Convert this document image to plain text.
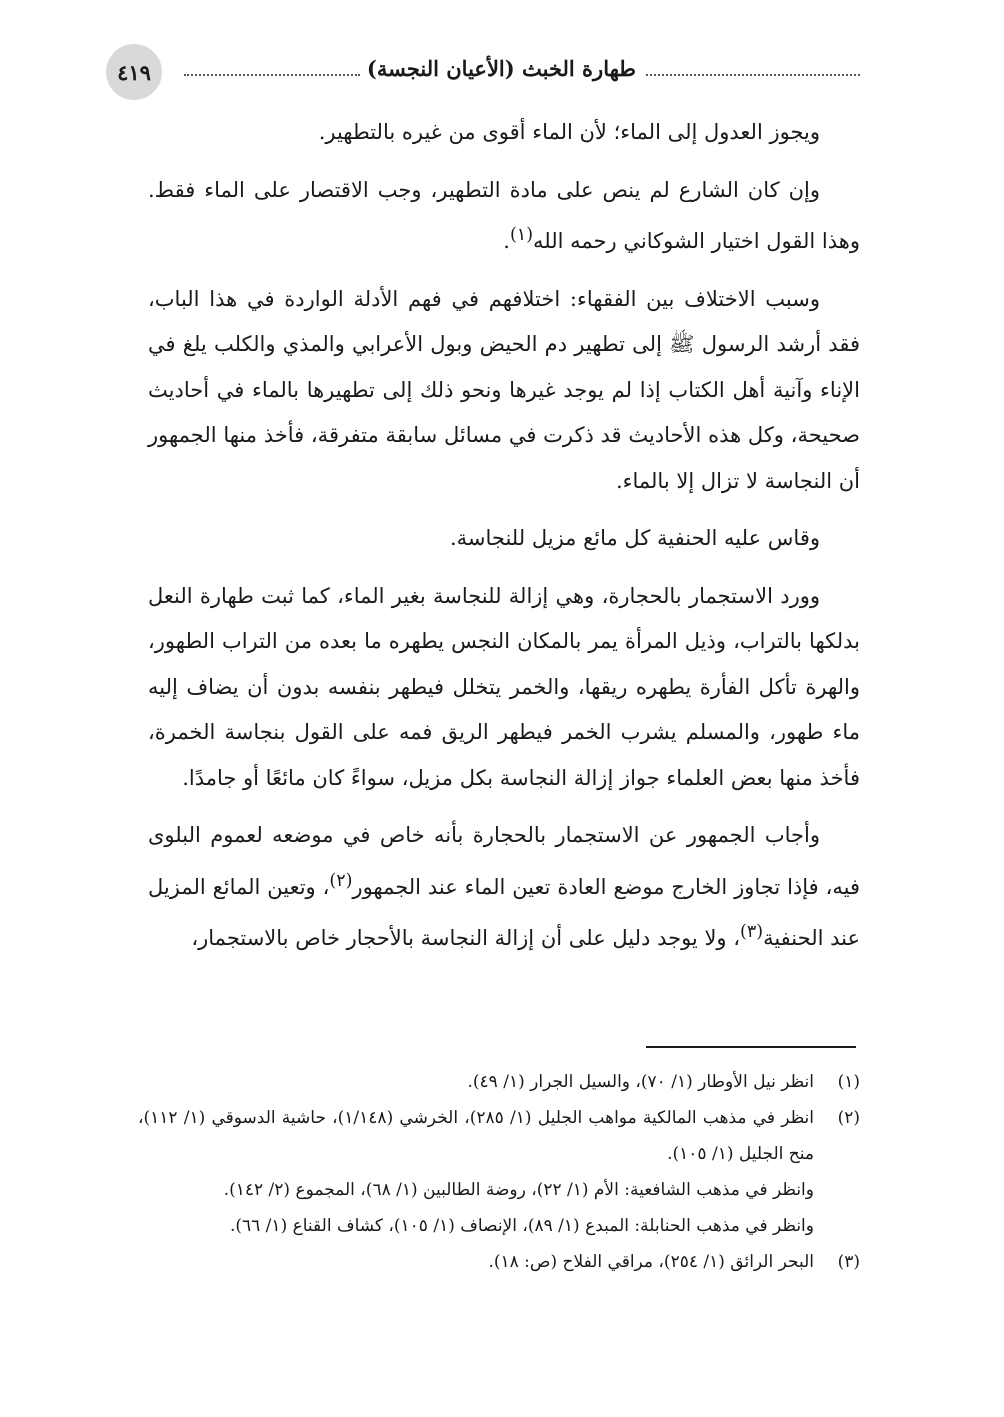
طهارة الخبث (الأعيان النجسة)
٤١٩

ويجوز العدول إلى الماء؛ لأن الماء أقوى من غيره بالتطهير.

وإن كان الشارع لم ينص على مادة التطهير، وجب الاقتصار على الماء فقط. وهذا القول اختيار الشوكاني رحمه الله$^{(١)}$.

وسبب الاختلاف بين الفقهاء: اختلافهم في فهم الأدلة الواردة في هذا الباب، فقد أرشد الرسول ﷺ إلى تطهير دم الحيض وبول الأعرابي والمذي والكلب يلغ في الإناء وآنية أهل الكتاب إذا لم يوجد غيرها ونحو ذلك إلى تطهيرها بالماء في أحاديث صحيحة، وكل هذه الأحاديث قد ذكرت في مسائل سابقة متفرقة، فأخذ منها الجمهور أن النجاسة لا تزال إلا بالماء.

وقاس عليه الحنفية كل مائع مزيل للنجاسة.

وورد الاستجمار بالحجارة، وهي إزالة للنجاسة بغير الماء، كما ثبت طهارة النعل بدلكها بالتراب، وذيل المرأة يمر بالمكان النجس يطهره ما بعده من التراب الطهور، والهرة تأكل الفأرة يطهره ريقها، والخمر يتخلل فيطهر بنفسه بدون أن يضاف إليه ماء طهور، والمسلم يشرب الخمر فيطهر الريق فمه على القول بنجاسة الخمرة، فأخذ منها بعض العلماء جواز إزالة النجاسة بكل مزيل، سواءً كان مائعًا أو جامدًا.

وأجاب الجمهور عن الاستجمار بالحجارة بأنه خاص في موضعه لعموم البلوى فيه، فإذا تجاوز الخارج موضع العادة تعين الماء عند الجمهور$^{(٢)}$، وتعين المائع المزيل عند الحنفية$^{(٣)}$، ولا يوجد دليل على أن إزالة النجاسة بالأحجار خاص بالاستجمار،

(١)
انظر نيل الأوطار (١/ ٧٠)، والسيل الجرار (١/ ٤٩).
(٢)
انظر في مذهب المالكية مواهب الجليل (١/ ٢٨٥)، الخرشي (١/١٤٨)، حاشية الدسوقي (١/ ١١٢)، منح الجليل (١/ ١٠٥).

وانظر في مذهب الشافعية: الأم (١/ ٢٢)، روضة الطالبين (١/ ٦٨)، المجموع (٢/ ١٤٢).

وانظر في مذهب الحنابلة: المبدع (١/ ٨٩)، الإنصاف (١/ ١٠٥)، كشاف القناع (١/ ٦٦).

(٣)
البحر الرائق (١/ ٢٥٤)، مراقي الفلاح (ص: ١٨).
